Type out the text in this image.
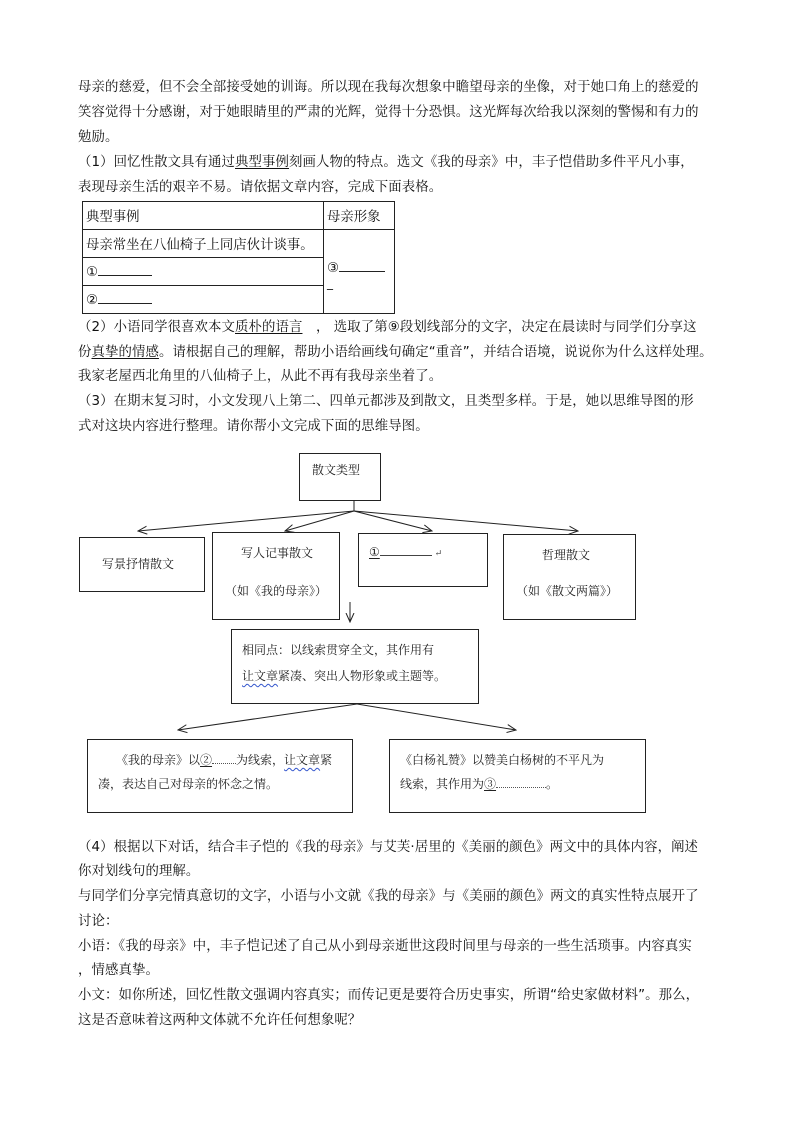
母亲的慈爱，但不会全部接受她的训诲。所以现在我每次想象中瞻望母亲的坐像，对于她口角上的慈爱的
笑容觉得十分感谢，对于她眼睛里的严肃的光辉，觉得十分恐惧。这光辉每次给我以深刻的警惕和有力的
勉励。
（1）回忆性散文具有通过典型事例刻画人物的特点。选文《我的母亲》中，丰子恺借助多件平凡小事，
表现母亲生活的艰辛不易。请依据文章内容，完成下面表格。
典型事例	母亲形象
母亲常坐在八仙椅子上同店伙计谈事。	③
_
①	
②	
（2）小语同学很喜欢本文质朴的语言　， 选取了第⑨段划线部分的文字，决定在晨读时与同学们分享这
份真挚的情感。请根据自己的理解，帮助小语给画线句确定“重音”，并结合语境，说说你为什么这样处理。
我家老屋西北角里的八仙椅子上，从此不再有我母亲坐着了。
（3）在期末复习时，小文发现八上第二、四单元都涉及到散文，且类型多样。于是，她以思维导图的形
式对这块内容进行整理。请你帮小文完成下面的思维导图。
散文类型
写景抒情散文
写人记事散文
（如《我的母亲》）
①	↵	哲理散文
（如《散文两篇》）
相同点：以线索贯穿全文，其作用有
让文章紧凑、突出人物形象或主题等。
《我的母亲》以② 为线索，让文章紧
凑，表达自己对母亲的怀念之情。
《白杨礼赞》以赞美白杨树的不平凡为
线索，其作用为③	。
（4）根据以下对话，结合丰子恺的《我的母亲》与艾芙·居里的《美丽的颜色》两文中的具体内容，阐述
你对划线句的理解。
与同学们分享完情真意切的文字，小语与小文就《我的母亲》与《美丽的颜色》两文的真实性特点展开了
讨论：
小语：《我的母亲》中，丰子恺记述了自己从小到母亲逝世这段时间里与母亲的一些生活琐事。内容真实
，情感真挚。
小文：如你所述，回忆性散文强调内容真实；而传记更是要符合历史事实，所谓“给史家做材料”。那么，
这是否意味着这两种文体就不允许任何想象呢？
